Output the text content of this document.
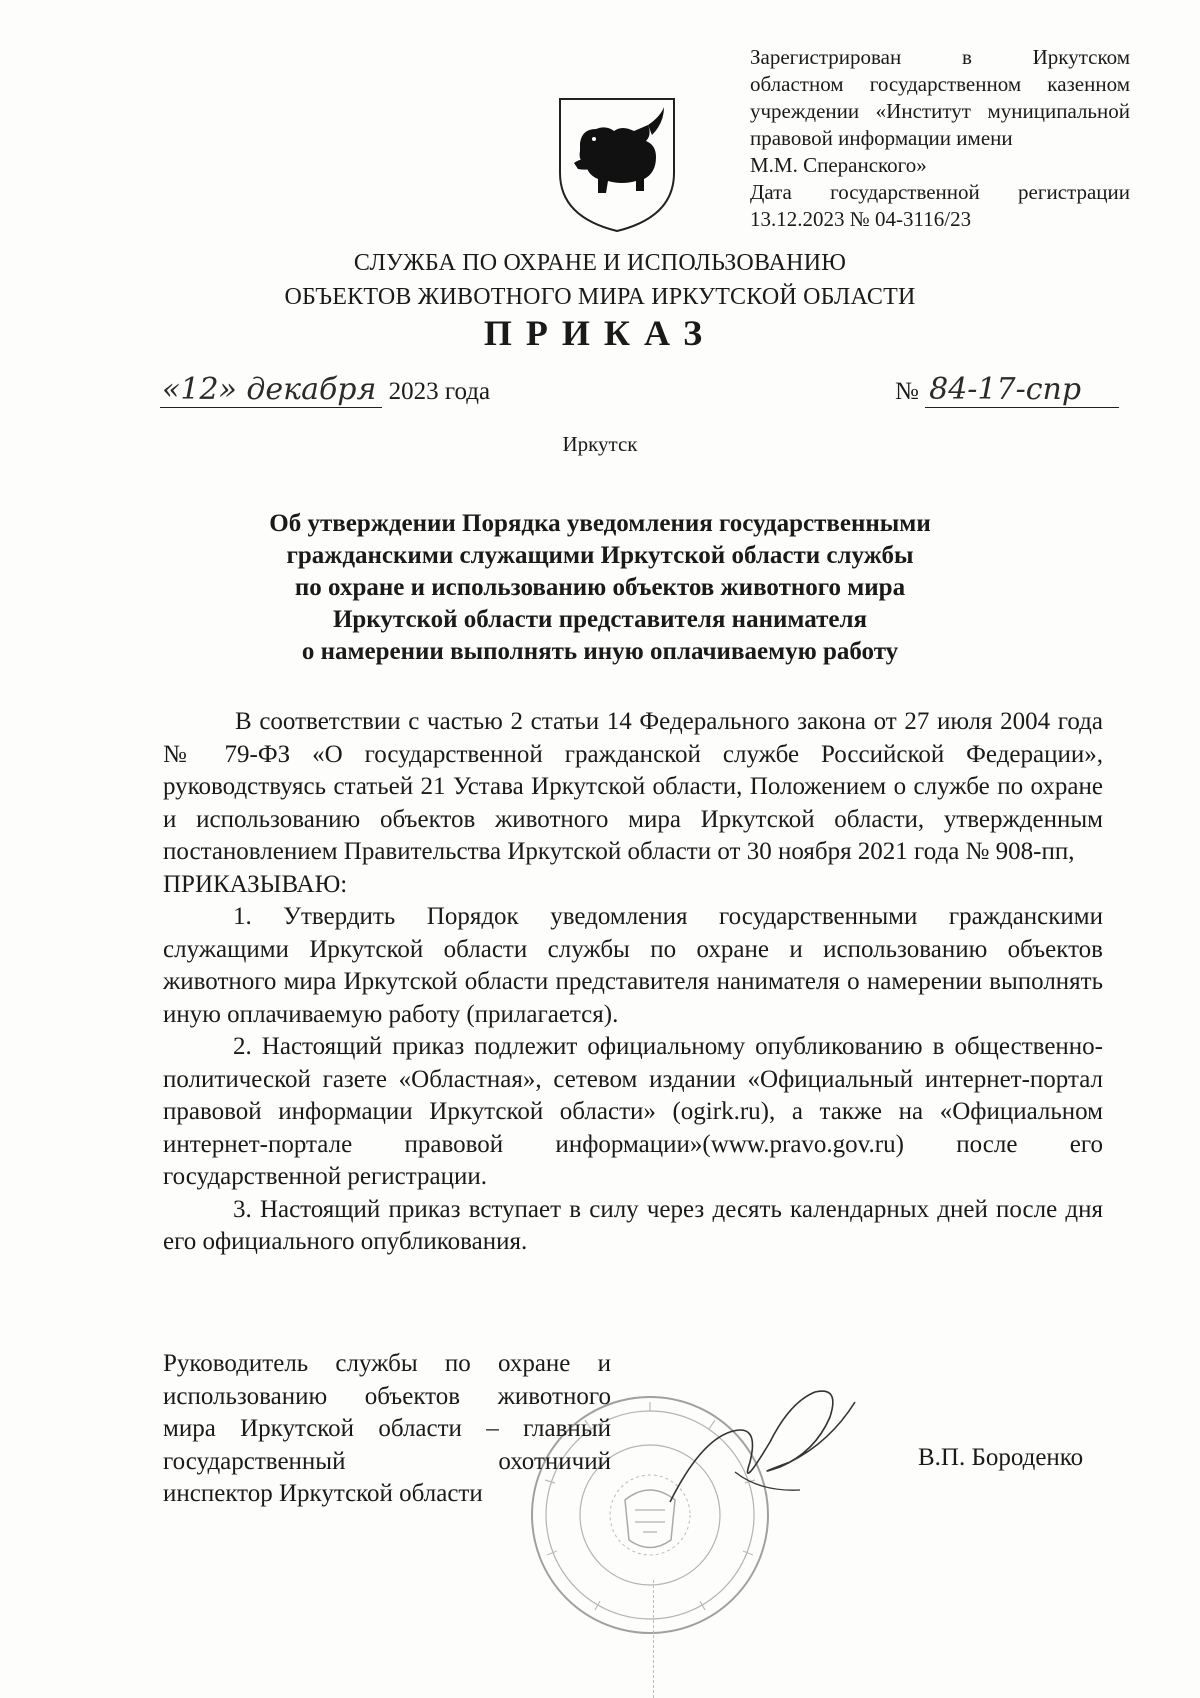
Зарегистрирован в Иркутском
областном государственном казенном
учреждении «Институт муниципальной
правовой информации имени
М.М. Сперанского»
Дата государственной регистрации
13.12.2023 № 04-3116/23
СЛУЖБА ПО ОХРАНЕ И ИСПОЛЬЗОВАНИЮ
ОБЪЕКТОВ ЖИВОТНОГО МИРА ИРКУТСКОЙ ОБЛАСТИ
ПРИКАЗ
«12» декабря 2023 года	№ 84-17-спр
Иркутск
Об утверждении Порядка уведомления государственными
гражданскими служащими Иркутской области службы
по охране и использованию объектов животного мира
Иркутской области представителя нанимателя
о намерении выполнять иную оплачиваемую работу

В соответствии с частью 2 статьи 14 Федерального закона от 27 июля 2004 года № 79-ФЗ «О государственной гражданской службе Российской Федерации», руководствуясь статьей 21 Устава Иркутской области, Положением о службе по охране и использованию объектов животного мира Иркутской области, утвержденным постановлением Правительства Иркутской области от 30 ноября 2021 года № 908-пп,

ПРИКАЗЫВАЮ:

1. Утвердить Порядок уведомления государственными гражданскими служащими Иркутской области службы по охране и использованию объектов животного мира Иркутской области представителя нанимателя о намерении выполнять иную оплачиваемую работу (прилагается).

2. Настоящий приказ подлежит официальному опубликованию в общественно-политической газете «Областная», сетевом издании «Официальный интернет-портал правовой информации Иркутской области» (ogirk.ru), а также на «Официальном интернет-портале правовой информации»(www.pravo.gov.ru) после его государственной регистрации.

3. Настоящий приказ вступает в силу через десять календарных дней после дня его официального опубликования.

Руководитель службы по охране и
использованию объектов животного
мира Иркутской области – главный
государственный охотничий
инспектор Иркутской области
В.П. Бороденко
